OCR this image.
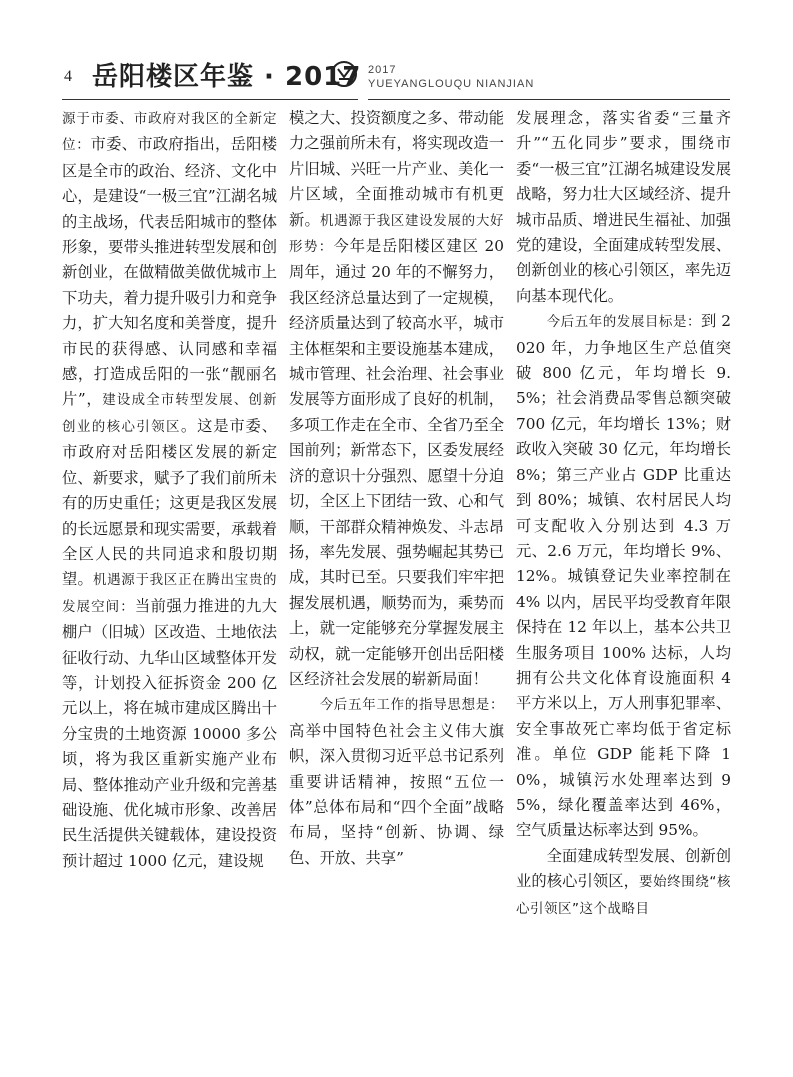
4 岳阳楼区年鉴 · 2017 2017
YUEYANGLOUQU NIANJIAN

源于市委、市政府对我区的全新定位：市委、市政府指出，岳阳楼区是全市的政治、经济、文化中心，是建设“一极三宜”江湖名城的主战场，代表岳阳城市的整体形象，要带头推进转型发展和创新创业，在做精做美做优城市上下功夫，着力提升吸引力和竞争力，扩大知名度和美誉度，提升市民的获得感、认同感和幸福感，打造成岳阳的一张“靓丽名片”，建设成全市转型发展、创新创业的核心引领区。这是市委、市政府对岳阳楼区发展的新定位、新要求，赋予了我们前所未有的历史重任；这更是我区发展的长远愿景和现实需要，承载着全区人民的共同追求和殷切期望。机遇源于我区正在腾出宝贵的发展空间：当前强力推进的九大棚户（旧城）区改造、土地依法征收行动、九华山区域整体开发等，计划投入征拆资金 200 亿元以上，将在城市建成区腾出十分宝贵的土地资源 10000 多公顷，将为我区重新实施产业布局、整体推动产业升级和完善基础设施、优化城市形象、改善居民生活提供关键载体，建设投资预计超过 1000 亿元，建设规

模之大、投资额度之多、带动能力之强前所未有，将实现改造一片旧城、兴旺一片产业、美化一片区域，全面推动城市有机更新。机遇源于我区建设发展的大好形势：今年是岳阳楼区建区 20 周年，通过 20 年的不懈努力，我区经济总量达到了一定规模，经济质量达到了较高水平，城市主体框架和主要设施基本建成，城市管理、社会治理、社会事业发展等方面形成了良好的机制，多项工作走在全市、全省乃至全国前列；新常态下，区委发展经济的意识十分强烈、愿望十分迫切，全区上下团结一致、心和气顺，干部群众精神焕发、斗志昂扬，率先发展、强势崛起其势已成，其时已至。只要我们牢牢把握发展机遇，顺势而为，乘势而上，就一定能够充分掌握发展主动权，就一定能够开创出岳阳楼区经济社会发展的崭新局面！

今后五年工作的指导思想是：高举中国特色社会主义伟大旗帜，深入贯彻习近平总书记系列重要讲话精神，按照“五位一体”总体布局和“四个全面”战略布局，坚持“创新、协调、绿色、开放、共享”

发展理念，落实省委“三量齐升”“五化同步”要求，围绕市委“一极三宜”江湖名城建设发展战略，努力壮大区域经济、提升城市品质、增进民生福祉、加强党的建设，全面建成转型发展、创新创业的核心引领区，率先迈向基本现代化。

今后五年的发展目标是：到 2020 年，力争地区生产总值突破 800 亿元，年均增长 9.5%；社会消费品零售总额突破 700 亿元，年均增长 13%；财政收入突破 30 亿元，年均增长 8%；第三产业占 GDP 比重达到 80%；城镇、农村居民人均可支配收入分别达到 4.3 万元、2.6 万元，年均增长 9%、12%。城镇登记失业率控制在 4% 以内，居民平均受教育年限保持在 12 年以上，基本公共卫生服务项目 100% 达标，人均拥有公共文化体育设施面积 4 平方米以上，万人刑事犯罪率、安全事故死亡率均低于省定标准。单位 GDP 能耗下降 10%，城镇污水处理率达到 95%，绿化覆盖率达到 46%，空气质量达标率达到 95%。

全面建成转型发展、创新创业的核心引领区，要始终围绕“核心引领区”这个战略目
